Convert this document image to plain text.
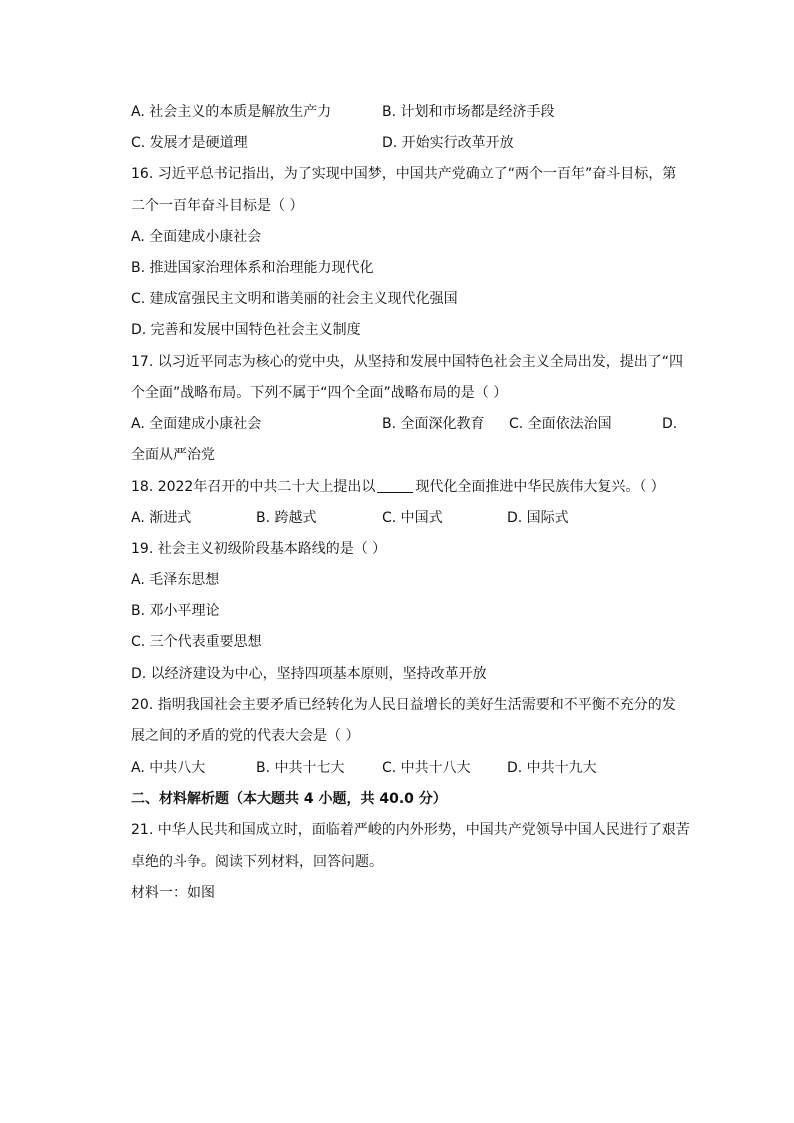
A. 社会主义的本质是解放生产力	B. 计划和市场都是经济手段
C. 发展才是硬道理	D. 开始实行改革开放
16. 习近平总书记指出，为了实现中国梦，中国共产党确立了“两个一百年”奋斗目标，第
二个一百年奋斗目标是（ ）
A. 全面建成小康社会
B. 推进国家治理体系和治理能力现代化
C. 建成富强民主文明和谐美丽的社会主义现代化强国
D. 完善和发展中国特色社会主义制度
17. 以习近平同志为核心的党中央，从坚持和发展中国特色社会主义全局出发，提出了“四
个全面”战略布局。下列不属于“四个全面”战略布局的是（ ）
A. 全面建成小康社会	B. 全面深化教育 C. 全面依法治国	D.
全面从严治党
18. 2022年召开的中共二十大上提出以	现代化全面推进中华民族伟大复兴。（ ）
A. 渐进式	B. 跨越式	C. 中国式	D. 国际式
19. 社会主义初级阶段基本路线的是（ ）
A. 毛泽东思想
B. 邓小平理论
C. 三个代表重要思想
D. 以经济建设为中心，坚持四项基本原则，坚持改革开放
20. 指明我国社会主要矛盾已经转化为人民日益增长的美好生活需要和不平衡不充分的发
展之间的矛盾的党的代表大会是（ ）
A. 中共八大	B. 中共十七大	C. 中共十八大	D. 中共十九大
二、材料解析题（本大题共 4 小题，共 40.0 分）
21. 中华人民共和国成立时，面临着严峻的内外形势，中国共产党领导中国人民进行了艰苦
卓绝的斗争。阅读下列材料，回答问题。
材料一：如图
